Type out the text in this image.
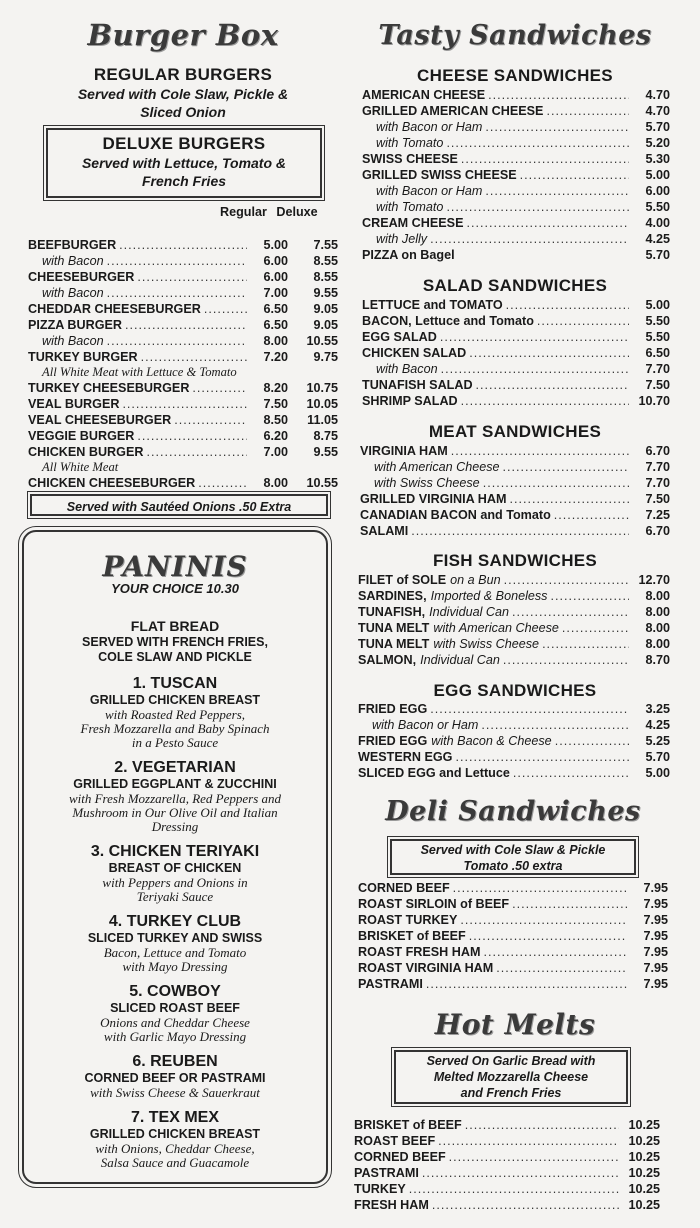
Burger Box
REGULAR BURGERS
Served with Cole Slaw, Pickle & Sliced Onion
DELUXE BURGERS
Served with Lettuce, Tomato & French Fries
Regular Deluxe
BEEFBURGER .....	5.00	7.55
with Bacon .....	6.00	8.55
CHEESEBURGER .....	6.00	8.55
with Bacon .....	7.00	9.55
CHEDDAR CHEESEBURGER .....	6.50	9.05
PIZZA BURGER .....	6.50	9.05
with Bacon .....	8.00	10.55
TURKEY BURGER .....	7.20	9.75
All White Meat with Lettuce & Tomato
TURKEY CHEESEBURGER .....	8.20	10.75
VEAL BURGER .....	7.50	10.05
VEAL CHEESEBURGER .....	8.50	11.05
VEGGIE BURGER .....	6.20	8.75
CHICKEN BURGER .....	7.00	9.55
All White Meat
CHICKEN CHEESEBURGER .....	8.00	10.55
Served with Sautéed Onions .50 Extra
PANINIS
YOUR CHOICE 10.30
FLAT BREAD
SERVED WITH FRENCH FRIES,
COLE SLAW AND PICKLE
1. TUSCAN
GRILLED CHICKEN BREAST
with Roasted Red Peppers,
Fresh Mozzarella and Baby Spinach
in a Pesto Sauce
2. VEGETARIAN
GRILLED EGGPLANT & ZUCCHINI
with Fresh Mozzarella, Red Peppers and
Mushroom in Our Olive Oil and Italian
Dressing
3. CHICKEN TERIYAKI
BREAST OF CHICKEN
with Peppers and Onions in
Teriyaki Sauce
4. TURKEY CLUB
SLICED TURKEY AND SWISS
Bacon, Lettuce and Tomato
with Mayo Dressing
5. COWBOY
SLICED ROAST BEEF
Onions and Cheddar Cheese
with Garlic Mayo Dressing
6. REUBEN
CORNED BEEF OR PASTRAMI
with Swiss Cheese & Sauerkraut
7. TEX MEX
GRILLED CHICKEN BREAST
with Onions, Cheddar Cheese,
Salsa Sauce and Guacamole
Tasty Sandwiches
CHEESE SANDWICHES
AMERICAN CHEESE .....	4.70
GRILLED AMERICAN CHEESE .....	4.70
with Bacon or Ham .....	5.70
with Tomato .....	5.20
SWISS CHEESE .....	5.30
GRILLED SWISS CHEESE .....	5.00
with Bacon or Ham .....	6.00
with Tomato .....	5.50
CREAM CHEESE .....	4.00
with Jelly .....	4.25
PIZZA on Bagel	5.70
SALAD SANDWICHES
LETTUCE and TOMATO .....	5.00
BACON, Lettuce and Tomato .....	5.50
EGG SALAD .....	5.50
CHICKEN SALAD .....	6.50
with Bacon .....	7.70
TUNAFISH SALAD .....	7.50
SHRIMP SALAD .....	10.70
MEAT SANDWICHES
VIRGINIA HAM .....	6.70
with American Cheese .....	7.70
with Swiss Cheese .....	7.70
GRILLED VIRGINIA HAM .....	7.50
CANADIAN BACON and Tomato .....	7.25
SALAMI .....	6.70
FISH SANDWICHES
FILET of SOLE on a Bun .....	12.70
SARDINES, Imported & Boneless .....	8.00
TUNAFISH, Individual Can .....	8.00
TUNA MELT with American Cheese .....	8.00
TUNA MELT with Swiss Cheese .....	8.00
SALMON, Individual Can .....	8.70
EGG SANDWICHES
FRIED EGG .....	3.25
with Bacon or Ham .....	4.25
FRIED EGG with Bacon & Cheese .....	5.25
WESTERN EGG .....	5.70
SLICED EGG and Lettuce .....	5.00
Deli Sandwiches
Served with Cole Slaw & Pickle
Tomato .50 extra
CORNED BEEF .....	7.95
ROAST SIRLOIN of BEEF .....	7.95
ROAST TURKEY .....	7.95
BRISKET of BEEF .....	7.95
ROAST FRESH HAM .....	7.95
ROAST VIRGINIA HAM .....	7.95
PASTRAMI .....	7.95
Hot Melts
Served On Garlic Bread with
Melted Mozzarella Cheese
and French Fries
BRISKET of BEEF .....	10.25
ROAST BEEF .....	10.25
CORNED BEEF .....	10.25
PASTRAMI .....	10.25
TURKEY .....	10.25
FRESH HAM .....	10.25
